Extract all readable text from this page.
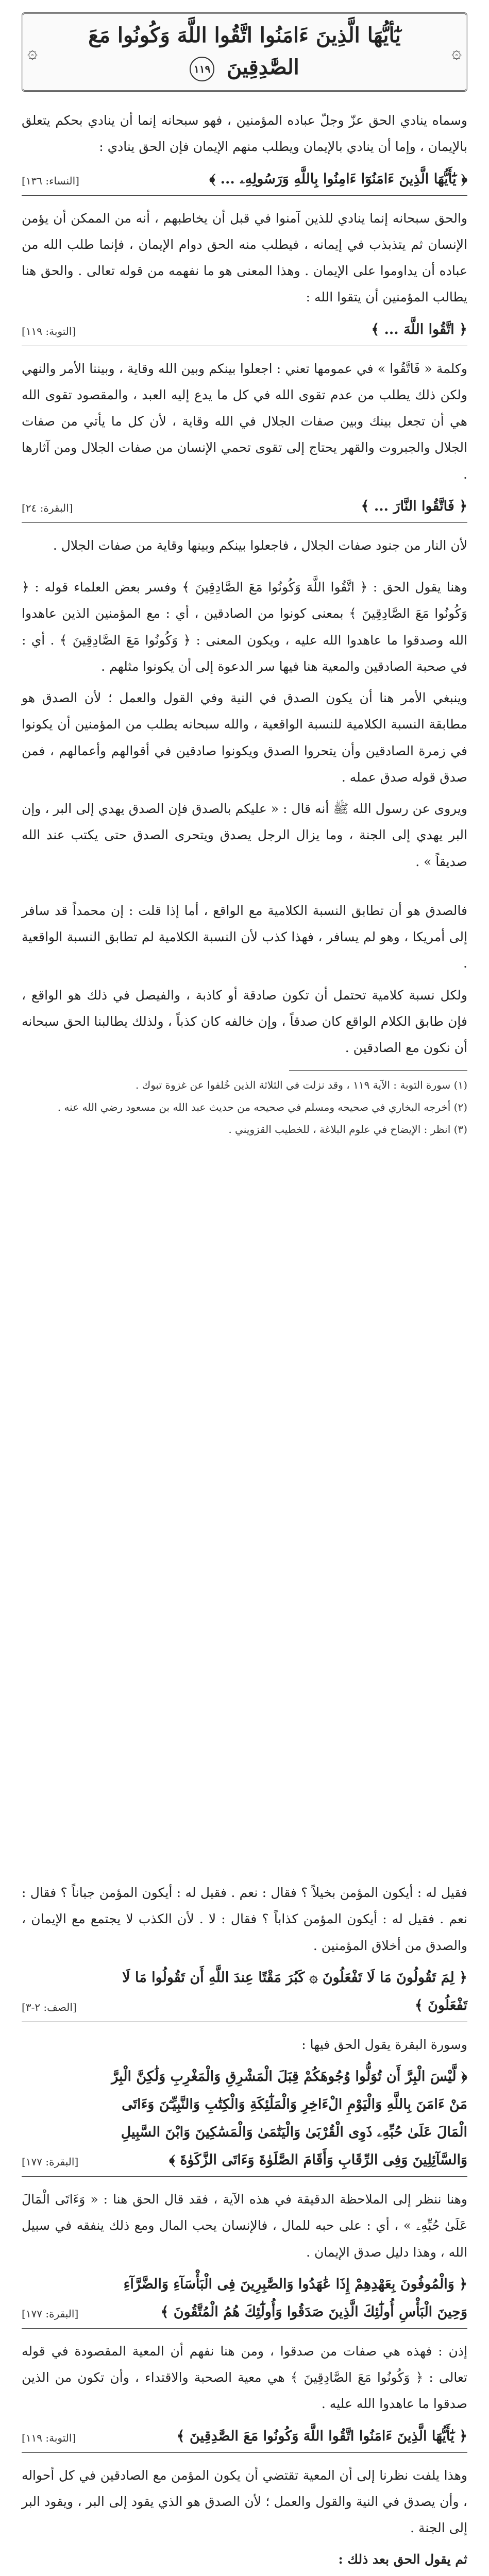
۞
۞
يٰٓأيُّهَا الَّذِينَ ءَامَنُوا اتَّقُوا اللَّهَ وَكُونُوا مَعَ
الصَّٰدِقِينَ ١١٩

وسماه ينادي الحق عزّ وجلّ عباده المؤمنين ، فهو سبحانه إنما أن ينادي بحكم يتعلق بالإيمان ، وإما أن ينادي بالإيمان ويطلب منهم الإيمان فإن الحق ينادي :

﴿ يَٰٓأَيُّهَا الَّذِينَ ءَامَنُوٓا ءَامِنُوا بِاللَّهِ وَرَسُولِهِۦ ... ﴾
[النساء: ١٣٦]

والحق سبحانه إنما ينادي للذين آمنوا في قبل أن يخاطبهم ، أنه من الممكن أن يؤمن الإنسان ثم يتذبذب في إيمانه ، فيطلب منه الحق دوام الإيمان ، فإنما طلب الله من عباده أن يداوموا على الإيمان . وهذا المعنى هو ما نفهمه من قوله تعالى . والحق هنا يطالب المؤمنين أن يتقوا الله :

﴿ اتَّقُوا اللَّهَ ... ﴾
[التوبة: ١١٩]

وكلمة « فَاتَّقُوا » في عمومها تعني : اجعلوا بينكم وبين الله وقاية ، وبيننا الأمر والنهي ولكن ذلك يطلب من عدم تقوى الله في كل ما يدع إليه العبد ، والمقصود تقوى الله هي أن تجعل بينك وبين صفات الجلال في الله وقاية ، لأن كل ما يأتي من صفات الجلال والجبروت والقهر يحتاج إلى تقوى تحمي الإنسان من صفات الجلال ومن آثارها .

﴿ فَاتَّقُوا النَّارَ ... ﴾
[البقرة: ٢٤]

لأن النار من جنود صفات الجلال ، فاجعلوا بينكم وبينها وقاية من صفات الجلال .

وهنا يقول الحق : ﴿ اتَّقُوا اللَّهَ وَكُونُوا مَعَ الصَّادِقِينَ ﴾ وفسر بعض العلماء قوله : ﴿ وَكُونُوا مَعَ الصَّادِقِينَ ﴾ بمعنى كونوا من الصادقين ، أي : مع المؤمنين الذين عاهدوا الله وصدقوا ما عاهدوا الله عليه ، ويكون المعنى : ﴿ وَكُونُوا مَعَ الصَّادِقِينَ ﴾ . أي : في صحبة الصادقين والمعية هنا فيها سر الدعوة إلى أن يكونوا مثلهم .

وينبغي الأمر هنا أن يكون الصدق في النية وفي القول والعمل ؛ لأن الصدق هو مطابقة النسبة الكلامية للنسبة الواقعية ، والله سبحانه يطلب من المؤمنين أن يكونوا في زمرة الصادقين وأن يتحروا الصدق ويكونوا صادقين في أقوالهم وأعمالهم ، فمن صدق قوله صدق عمله .

ويروى عن رسول الله ﷺ أنه قال : « عليكم بالصدق فإن الصدق يهدي إلى البر ، وإن البر يهدي إلى الجنة ، وما يزال الرجل يصدق ويتحرى الصدق حتى يكتب عند الله صديقاً » .

فالصدق هو أن تطابق النسبة الكلامية مع الواقع ، أما إذا قلت : إن محمداً قد سافر إلى أمريكا ، وهو لم يسافر ، فهذا كذب لأن النسبة الكلامية لم تطابق النسبة الواقعية .

ولكل نسبة كلامية تحتمل أن تكون صادقة أو كاذبة ، والفيصل في ذلك هو الواقع ، فإن طابق الكلام الواقع كان صدقاً ، وإن خالفه كان كذباً ، ولذلك يطالبنا الحق سبحانه أن نكون مع الصادقين .

(١) سورة التوبة : الآية ١١٩ ، وقد نزلت في الثلاثة الذين خُلفوا عن غزوة تبوك .

(٢) أخرجه البخاري في صحيحه ومسلم في صحيحه من حديث عبد الله بن مسعود رضي الله عنه .

(٣) انظر : الإيضاح في علوم البلاغة ، للخطيب القزويني .

فقيل له : أيكون المؤمن بخيلاً ؟ فقال : نعم . فقيل له : أيكون المؤمن جباناً ؟ فقال : نعم . فقيل له : أيكون المؤمن كذاباً ؟ فقال : لا . لأن الكذب لا يجتمع مع الإيمان ، والصدق من أخلاق المؤمنين .

﴿ لِمَ تَقُولُونَ مَا لَا تَفْعَلُونَ ۞ كَبُرَ مَقْتًا عِندَ اللَّهِ أَن تَقُولُوا مَا لَا تَفْعَلُونَ ﴾
[الصف: ٢-٣]

وسورة البقرة يقول الحق فيها :

﴿ لَّيْسَ الْبِرَّ أَن تُوَلُّوا وُجُوهَكُمْ قِبَلَ الْمَشْرِقِ وَالْمَغْرِبِ وَلَٰكِنَّ الْبِرَّ مَنْ ءَامَنَ بِاللَّهِ وَالْيَوْمِ الْءَاخِرِ وَالْمَلَٰٓئِكَةِ وَالْكِتَٰبِ وَالنَّبِيِّـۧنَ وَءَاتَى الْمَالَ عَلَىٰ حُبِّهِۦ ذَوِى الْقُرْبَىٰ وَالْيَتَٰمَىٰ وَالْمَسَٰكِينَ وَابْنَ السَّبِيلِ وَالسَّآئِلِينَ وَفِى الرِّقَابِ وَأَقَامَ الصَّلَوٰةَ وَءَاتَى الزَّكَوٰةَ ﴾
[البقرة: ١٧٧]

وهنا ننظر إلى الملاحظة الدقيقة في هذه الآية ، فقد قال الحق هنا : « وَءَاتَى الْمَالَ عَلَىٰ حُبِّهِۦ » ، أي : على حبه للمال ، فالإنسان يحب المال ومع ذلك ينفقه في سبيل الله ، وهذا دليل صدق الإيمان .

﴿ وَالْمُوفُونَ بِعَهْدِهِمْ إِذَا عَٰهَدُوا وَالصَّٰبِرِينَ فِى الْبَأْسَآءِ وَالضَّرَّآءِ وَحِينَ الْبَأْسِ أُولَٰٓئِكَ الَّذِينَ صَدَقُوا وَأُولَٰٓئِكَ هُمُ الْمُتَّقُونَ ﴾
[البقرة: ١٧٧]

إذن : فهذه هي صفات من صدقوا ، ومن هنا نفهم أن المعية المقصودة في قوله تعالى : ﴿ وَكُونُوا مَعَ الصَّادِقِينَ ﴾ هي معية الصحبة والاقتداء ، وأن تكون من الذين صدقوا ما عاهدوا الله عليه .

﴿ يَٰٓأَيُّهَا الَّذِينَ ءَامَنُوا اتَّقُوا اللَّهَ وَكُونُوا مَعَ الصَّٰدِقِينَ ﴾
[التوبة: ١١٩]

وهذا يلفت نظرنا إلى أن المعية تقتضي أن يكون المؤمن مع الصادقين في كل أحواله ، وأن يصدق في النية والقول والعمل ؛ لأن الصدق هو الذي يقود إلى البر ، ويقود البر إلى الجنة .

ثم يقول الحق بعد ذلك :
